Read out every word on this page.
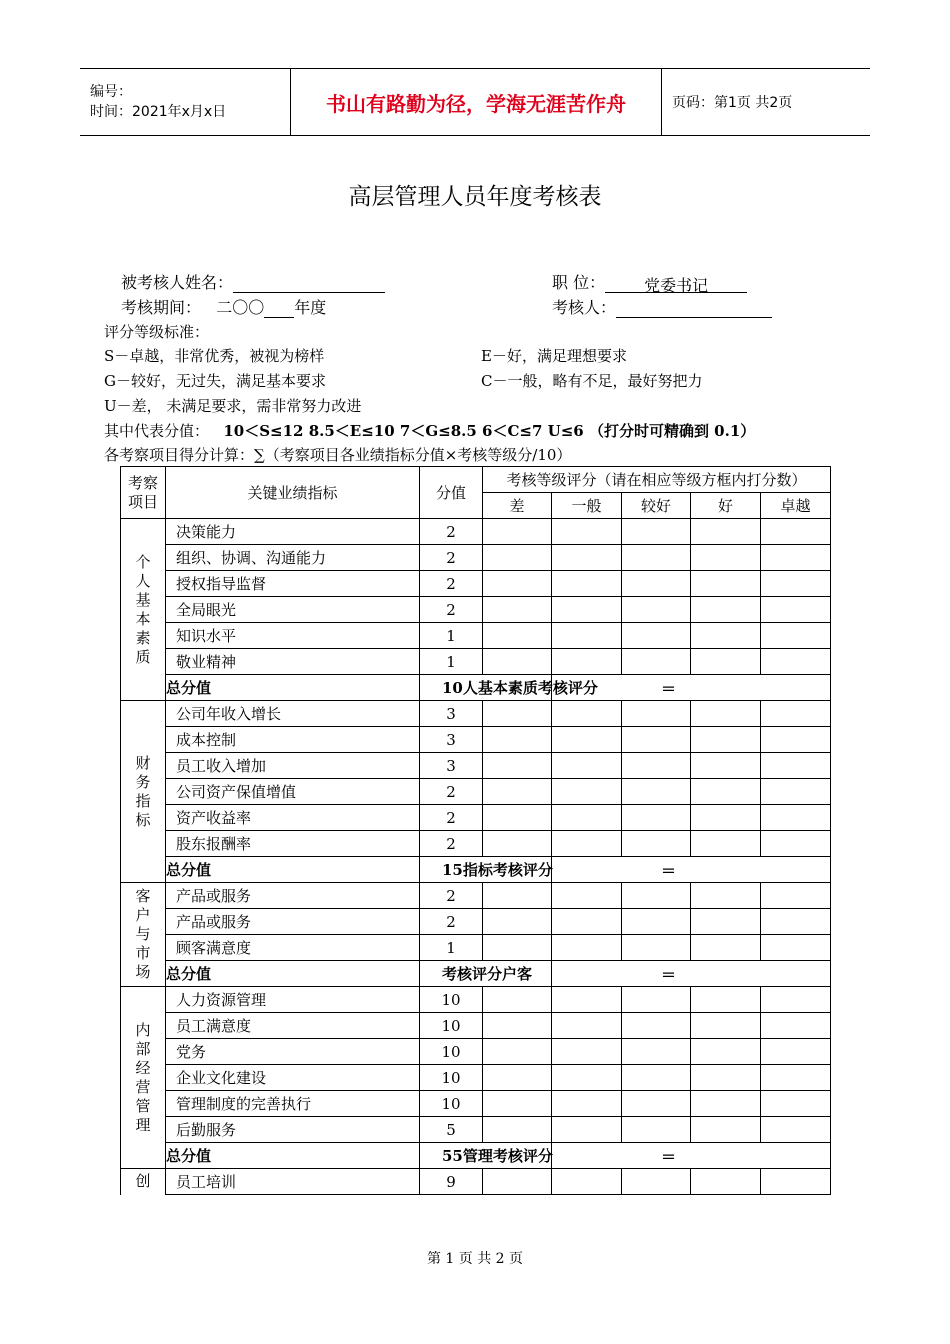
编号：
时间：2021年x月x日	书山有路勤为径，学海无涯苦作舟	页码：第1页 共2页
高层管理人员年度考核表
被考核人姓名：	职 位： 党委书记
考核期间： 二〇〇 年度	考核人：
评分等级标准：
S－卓越，非常优秀，被视为榜样	E－好，满足理想要求
G－较好，无过失，满足基本要求	C－一般，略有不足，最好努把力
U－差， 未满足要求，需非常努力改进
其中代表分值： 10＜S≤12 8.5＜E≤10 7＜G≤8.5 6＜C≤7 U≤6 （打分时可精确到 0.1）
各考察项目得分计算：∑（考察项目各业绩指标分值×考核等级分/10）
考察项目	关键业绩指标	分值	考核等级评分（请在相应等级方框内打分数）				
			差	一般	较好	好	卓越
个人基本素质	决策能力	2					
	组织、协调、沟通能力	2					
	授权指导监督	2					
	全局眼光	2					
	知识水平	1					
	敬业精神	1					
	总分值	10人基本素质考核评分		＝			

财务指标	公司年收入增长	3					
	成本控制	3					
	员工收入增加	3					
	公司资产保值增值	2					
	资产收益率	2					
	股东报酬率	2					
	总分值	15指标考核评分		＝			

客户与市场	产品或服务	2					
	产品或服务	2					
	顾客满意度	1					
	总分值	考核评分户客		＝			

内部经营管理	人力资源管理	10					
	员工满意度	10					
	党务	10					
	企业文化建设	10					
	管理制度的完善执行	10					
	后勤服务	5					
	总分值	55管理考核评分		＝			

创	员工培训	9					
第 1 页 共 2 页
